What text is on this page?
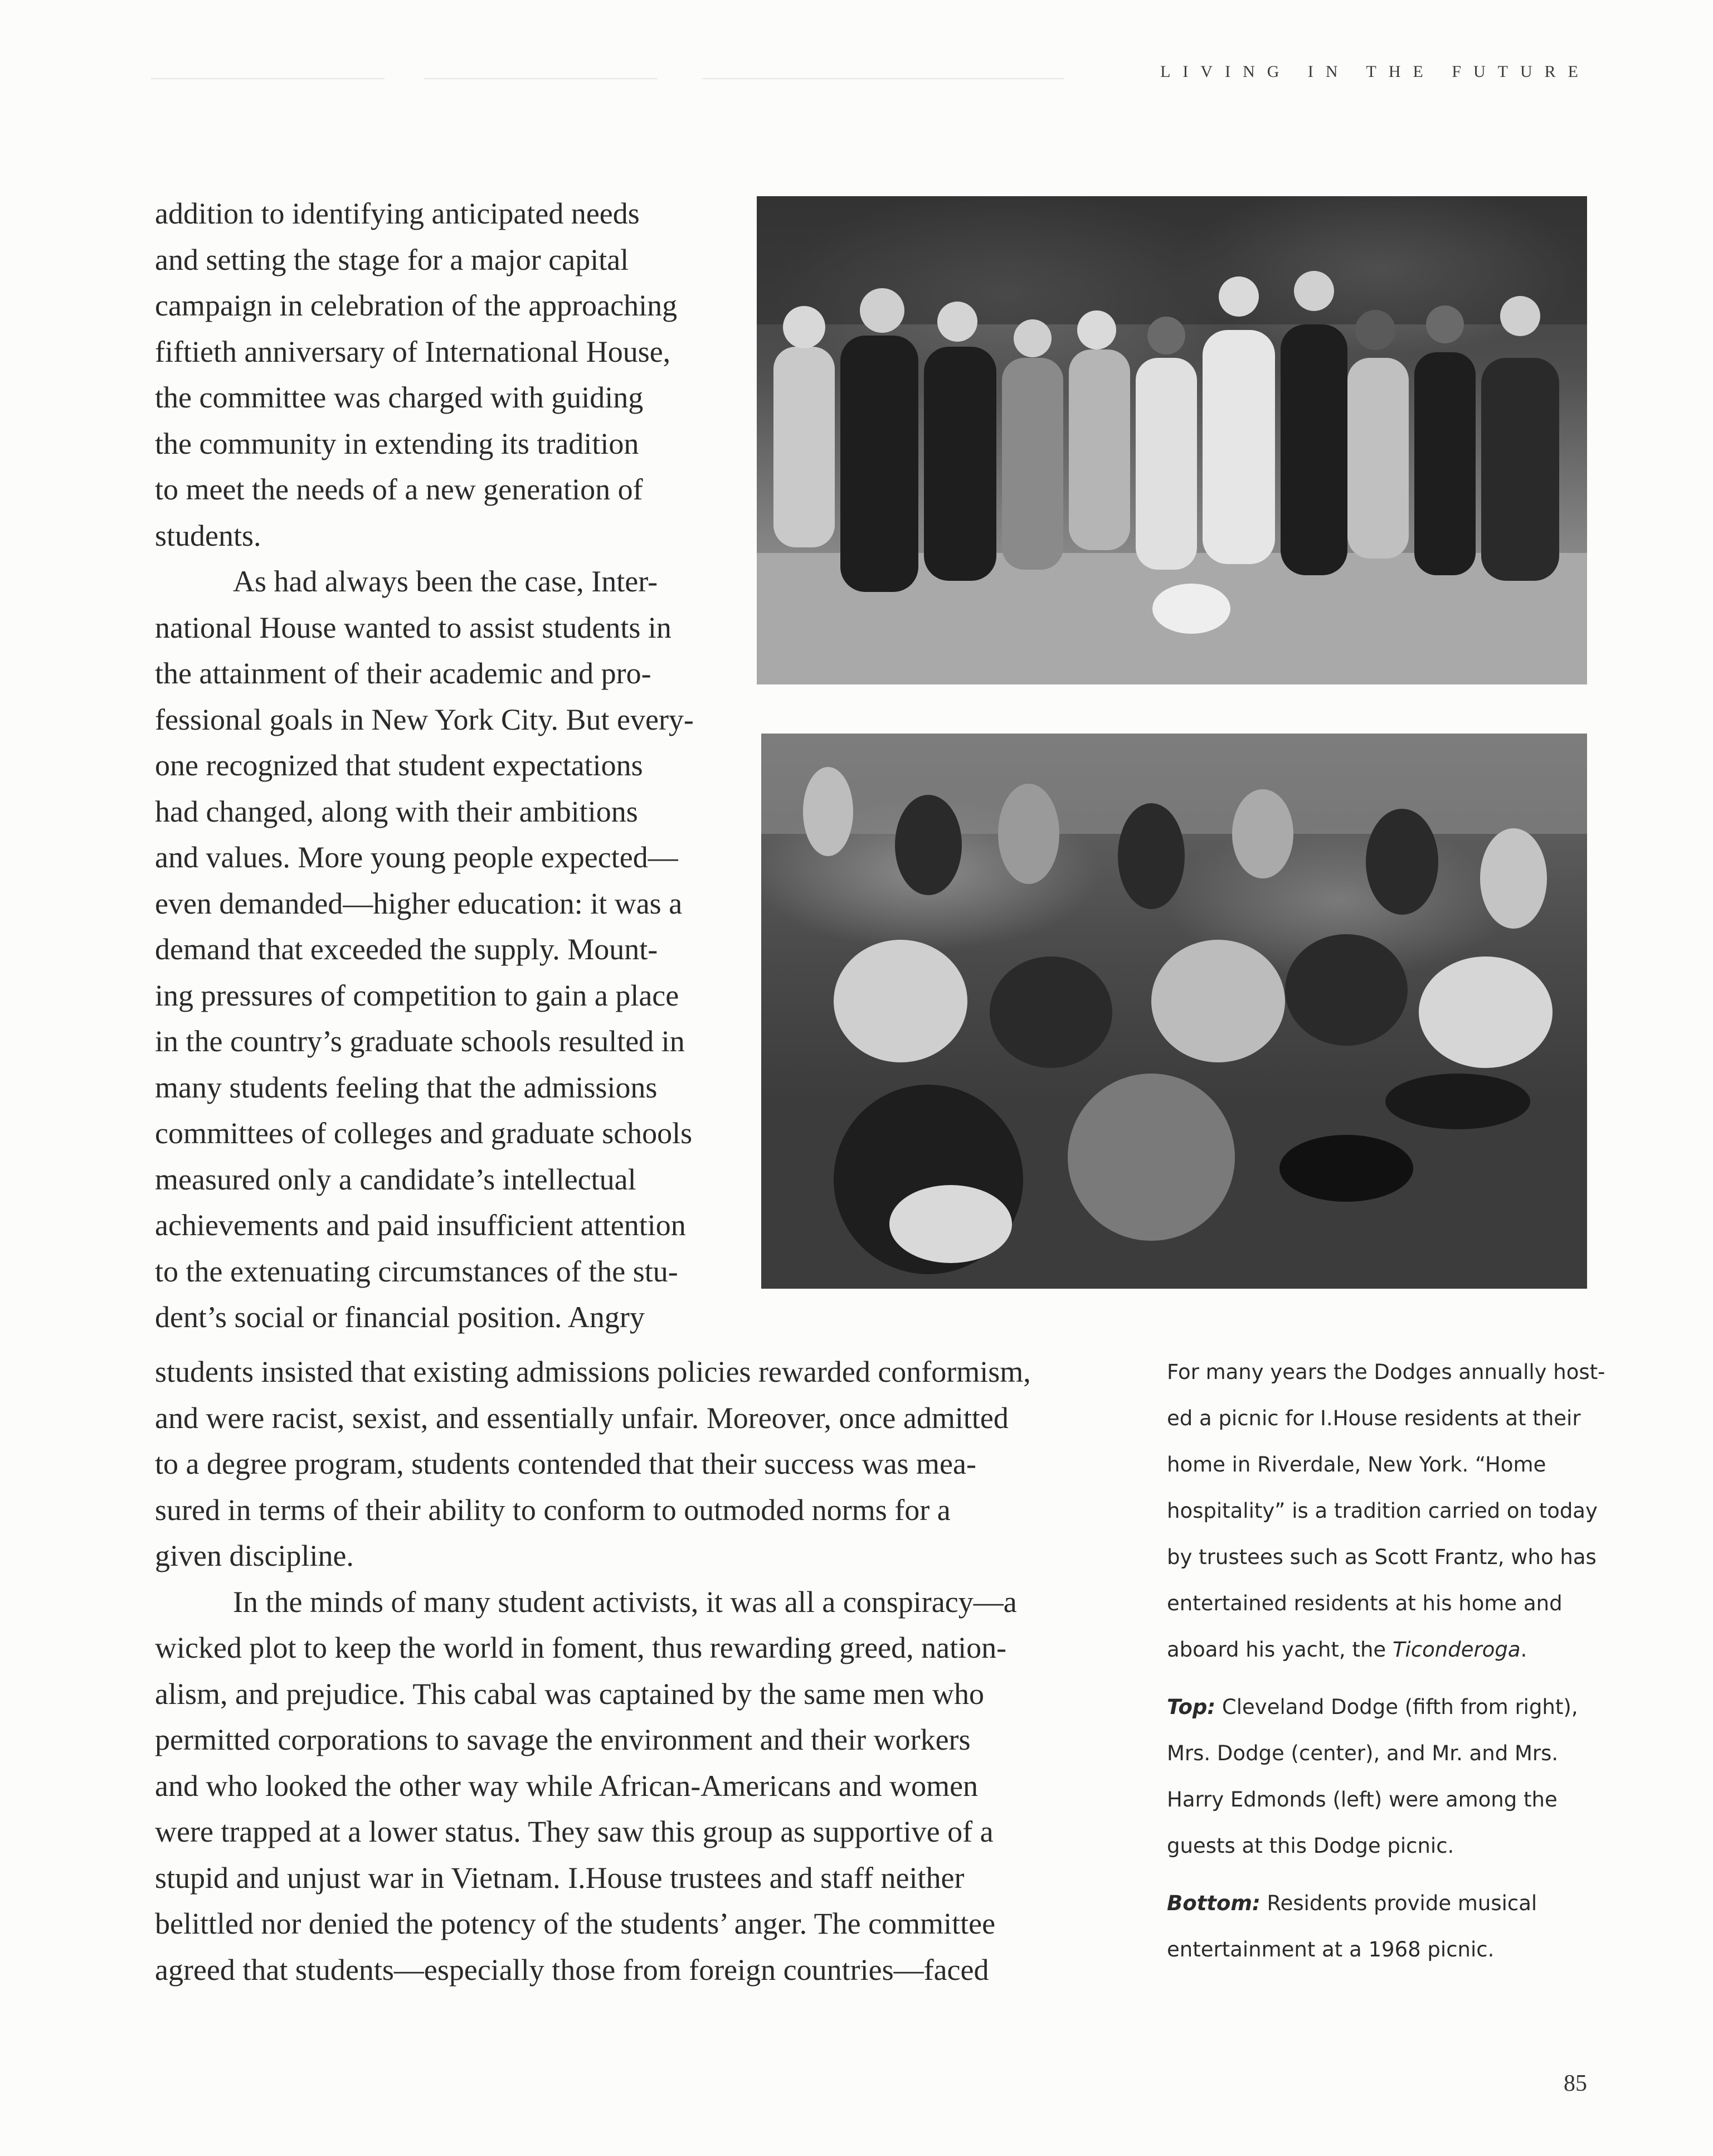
LIVING IN THE FUTURE

addition to identifying anticipated needs
and setting the stage for a major capital
campaign in celebration of the approaching
fiftieth anniversary of International House,
the committee was charged with guiding
the community in extending its tradition
to meet the needs of a new generation of
students.

As had always been the case, Inter-
national House wanted to assist students in
the attainment of their academic and pro-
fessional goals in New York City. But every-
one recognized that student expectations
had changed, along with their ambitions
and values. More young people expected—
even demanded—higher education: it was a
demand that exceeded the supply. Mount-
ing pressures of competition to gain a place
in the country’s graduate schools resulted in
many students feeling that the admissions
committees of colleges and graduate schools
measured only a candidate’s intellectual
achievements and paid insufficient attention
to the extenuating circumstances of the stu-
dent’s social or financial position. Angry

students insisted that existing admissions policies rewarded conformism,
and were racist, sexist, and essentially unfair. Moreover, once admitted
to a degree program, students contended that their success was mea-
sured in terms of their ability to conform to outmoded norms for a
given discipline.

In the minds of many student activists, it was all a conspiracy—a
wicked plot to keep the world in foment, thus rewarding greed, nation-
alism, and prejudice. This cabal was captained by the same men who
permitted corporations to savage the environment and their workers
and who looked the other way while African-Americans and women
were trapped at a lower status. They saw this group as supportive of a
stupid and unjust war in Vietnam. I.House trustees and staff neither
belittled nor denied the potency of the students’ anger. The committee
agreed that students—especially those from foreign countries—faced

For many years the Dodges annually host-
ed a picnic for I.House residents at their
home in Riverdale, New York. “Home
hospitality” is a tradition carried on today
by trustees such as Scott Frantz, who has
entertained residents at his home and
aboard his yacht, the Ticonderoga.

Top: Cleveland Dodge (fifth from right),
Mrs. Dodge (center), and Mr. and Mrs.
Harry Edmonds (left) were among the
guests at this Dodge picnic.

Bottom: Residents provide musical
entertainment at a 1968 picnic.

85
